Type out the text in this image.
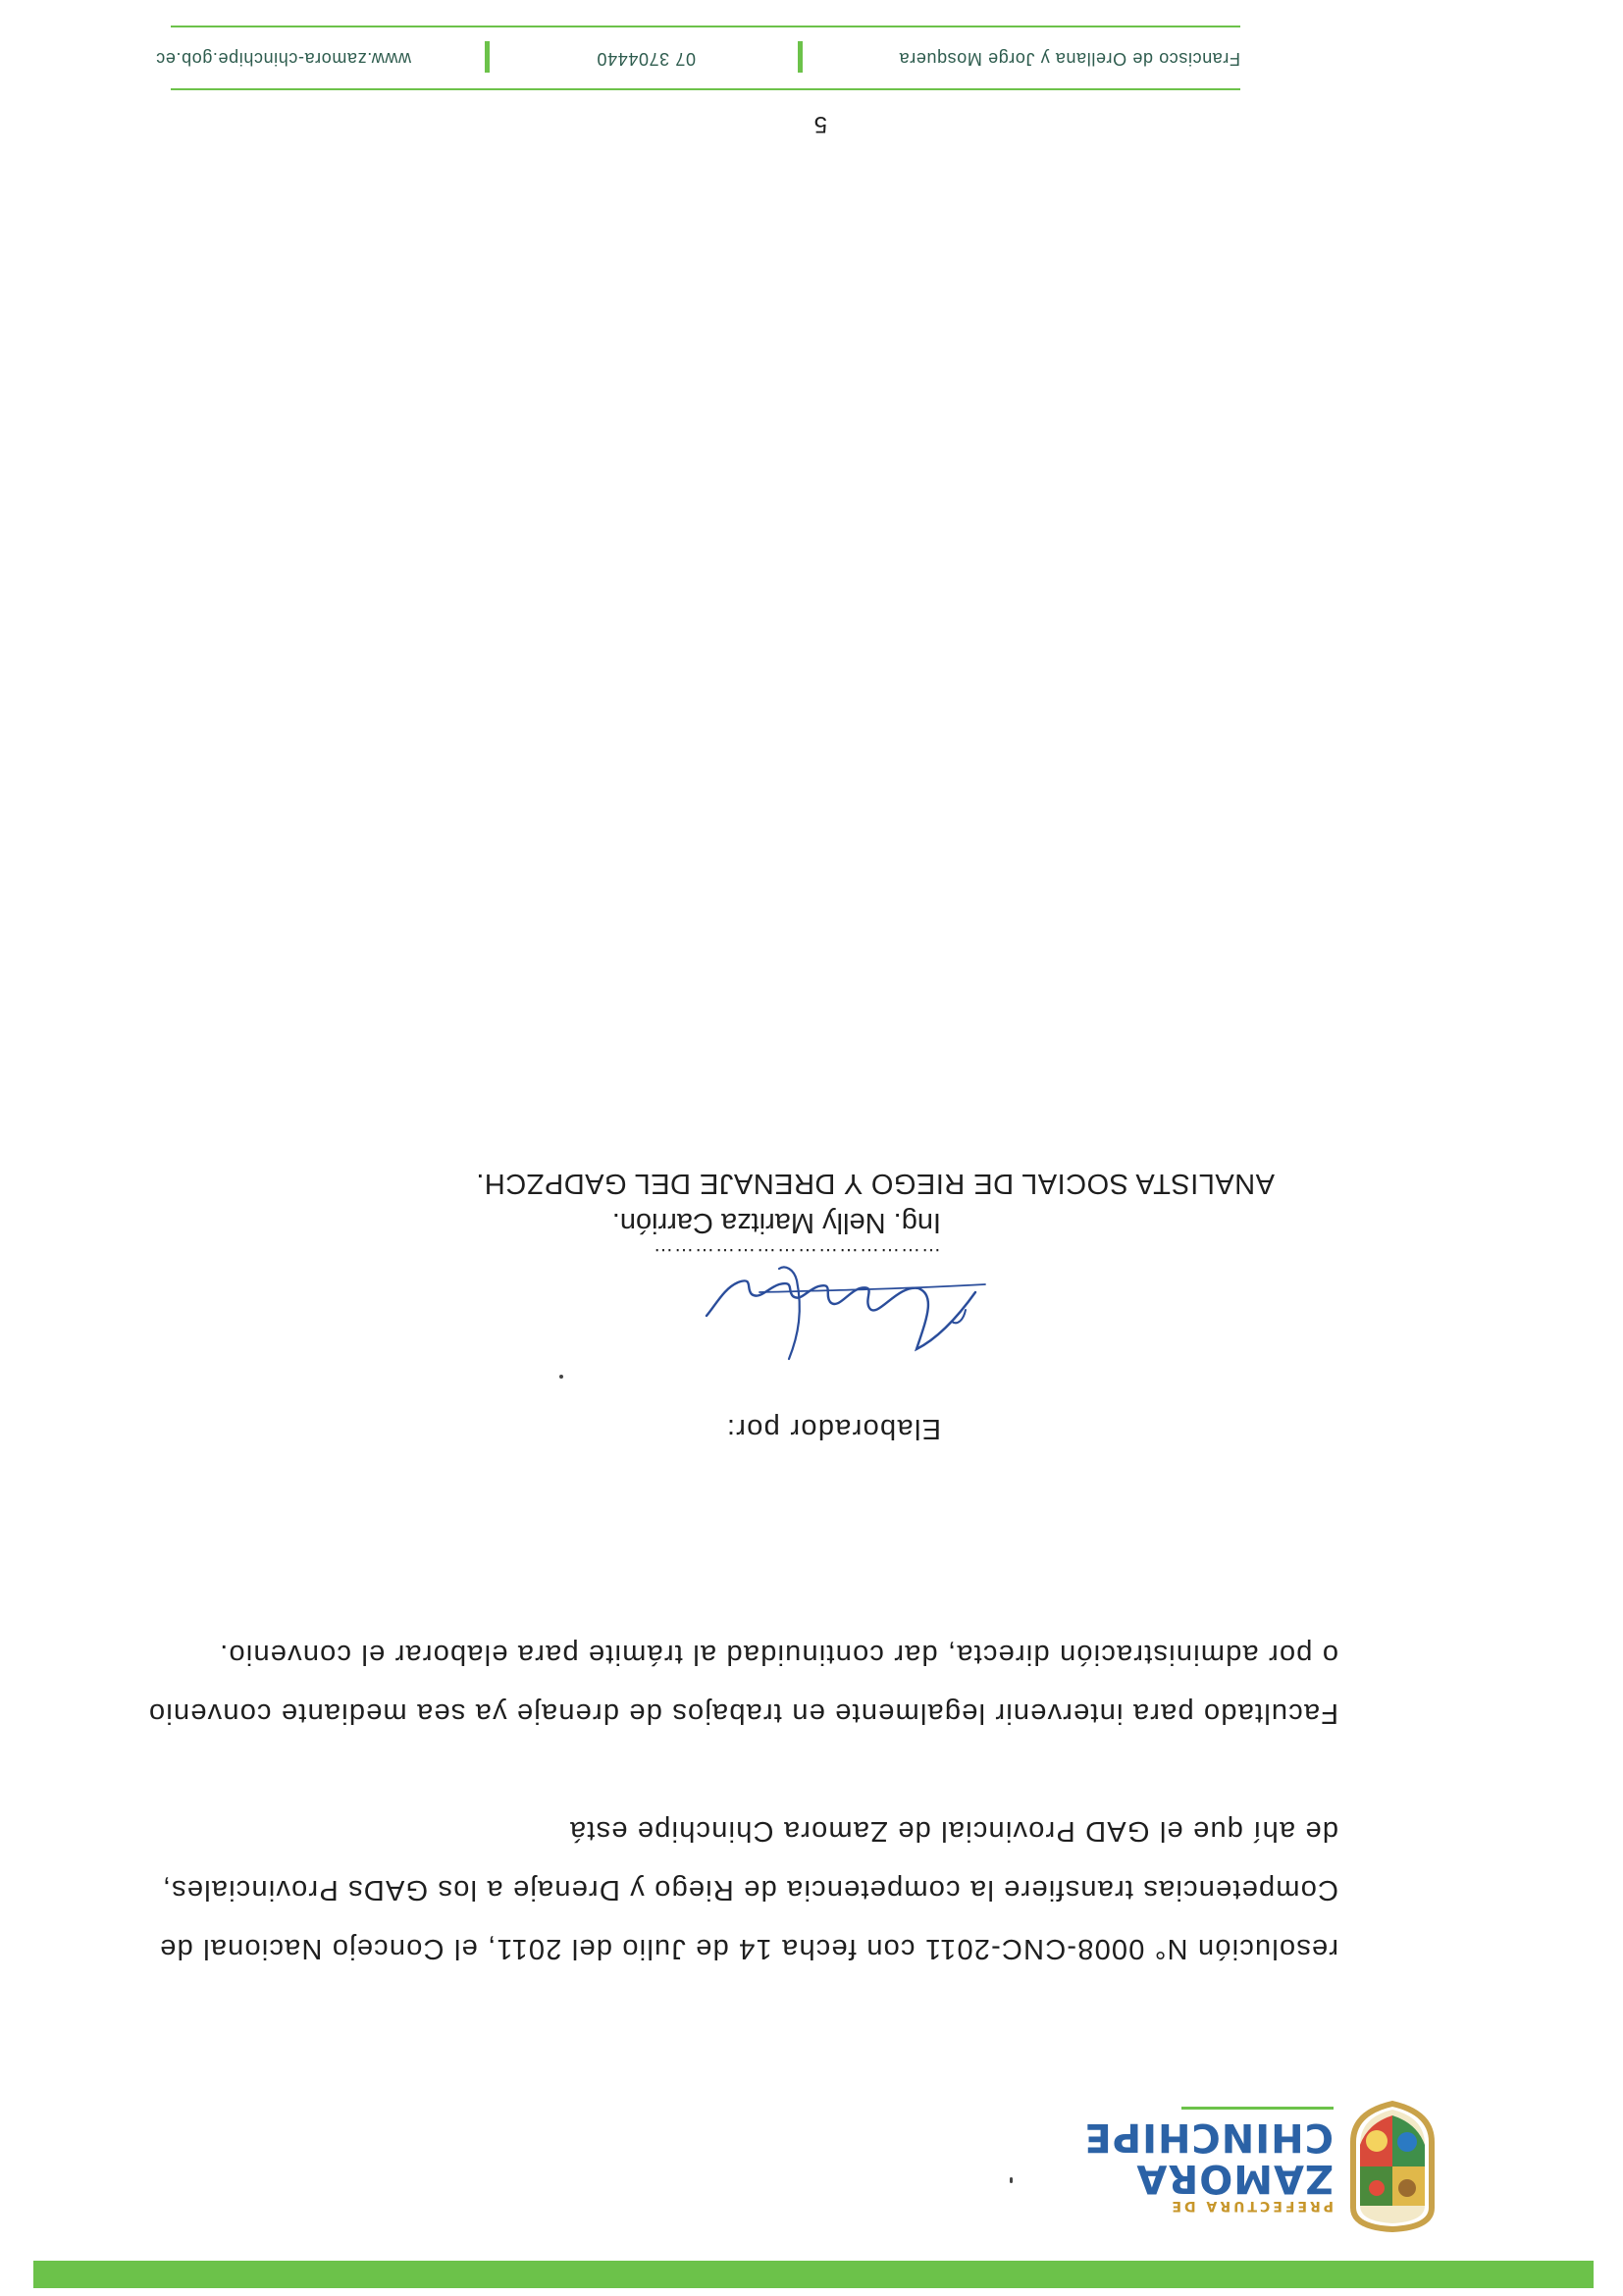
PREFECTURA DE
ZAMORA
CHINCHIPE
resolución N° 0008-CNC-2011 con fecha 14 de Julio del 2011, el Concejo Nacional de
Competencias transfiere la competencia de Riego y Drenaje a los GADs Provinciales,
de ahí que el GAD Provincial de Zamora Chinchipe está
Facultado para intervenir legalmente en trabajos de drenaje ya sea mediante convenio
o por administración directa, dar continuidad al trámite para elaborar el convenio.
Elaborador por:
……………………………………
Ing. Nelly Maritza Carrión.
ANALISTA SOCIAL DE RIEGO Y DRENAJE DEL GADPZCH.
5
Francisco de Orellana y Jorge Mosquera
07 3704440
www.zamora-chinchipe.gob.ec
